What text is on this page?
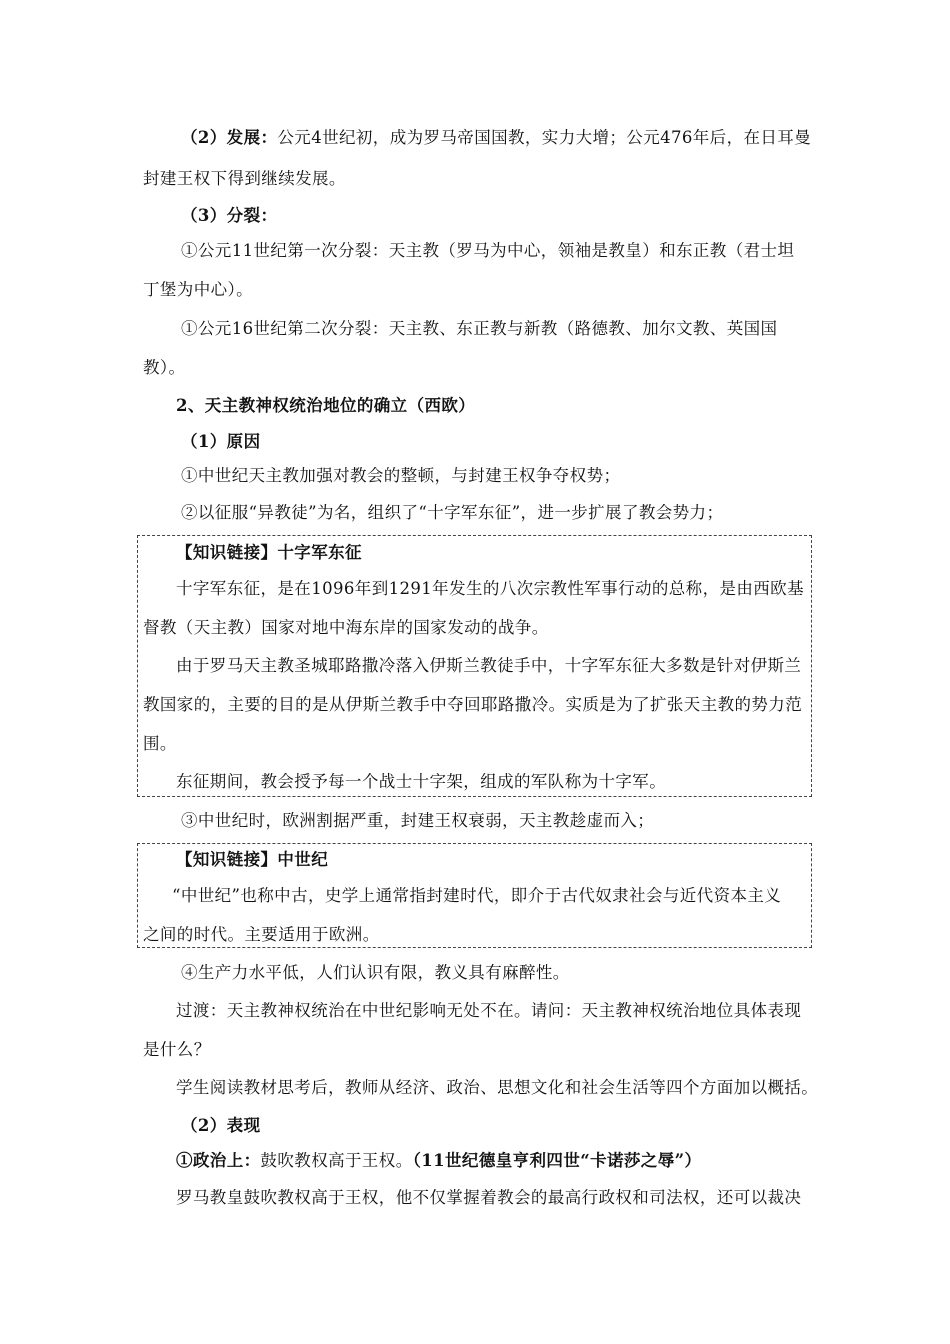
（2）发展：公元4世纪初，成为罗马帝国国教，实力大增；公元476年后，在日耳曼
封建王权下得到继续发展。
（3）分裂：
①公元11世纪第一次分裂：天主教（罗马为中心，领袖是教皇）和东正教（君士坦
丁堡为中心）。
①公元16世纪第二次分裂：天主教、东正教与新教（路德教、加尔文教、英国国
教）。
2、天主教神权统治地位的确立（西欧）
（1）原因
①中世纪天主教加强对教会的整顿，与封建王权争夺权势；
②以征服“异教徒”为名，组织了“十字军东征”，进一步扩展了教会势力；
【知识链接】十字军东征
十字军东征，是在1096年到1291年发生的八次宗教性军事行动的总称，是由西欧基
督教（天主教）国家对地中海东岸的国家发动的战争。
由于罗马天主教圣城耶路撒冷落入伊斯兰教徒手中，十字军东征大多数是针对伊斯兰
教国家的，主要的目的是从伊斯兰教手中夺回耶路撒冷。实质是为了扩张天主教的势力范
围。
东征期间，教会授予每一个战士十字架，组成的军队称为十字军。
③中世纪时，欧洲割据严重，封建王权衰弱，天主教趁虚而入；
【知识链接】中世纪
“中世纪”也称中古，史学上通常指封建时代，即介于古代奴隶社会与近代资本主义
之间的时代。主要适用于欧洲。
④生产力水平低，人们认识有限，教义具有麻醉性。
过渡：天主教神权统治在中世纪影响无处不在。请问：天主教神权统治地位具体表现
是什么？
学生阅读教材思考后，教师从经济、政治、思想文化和社会生活等四个方面加以概括。
（2）表现
①政治上：鼓吹教权高于王权。（11世纪德皇亨利四世“卡诺莎之辱”）
罗马教皇鼓吹教权高于王权，他不仅掌握着教会的最高行政权和司法权，还可以裁决
